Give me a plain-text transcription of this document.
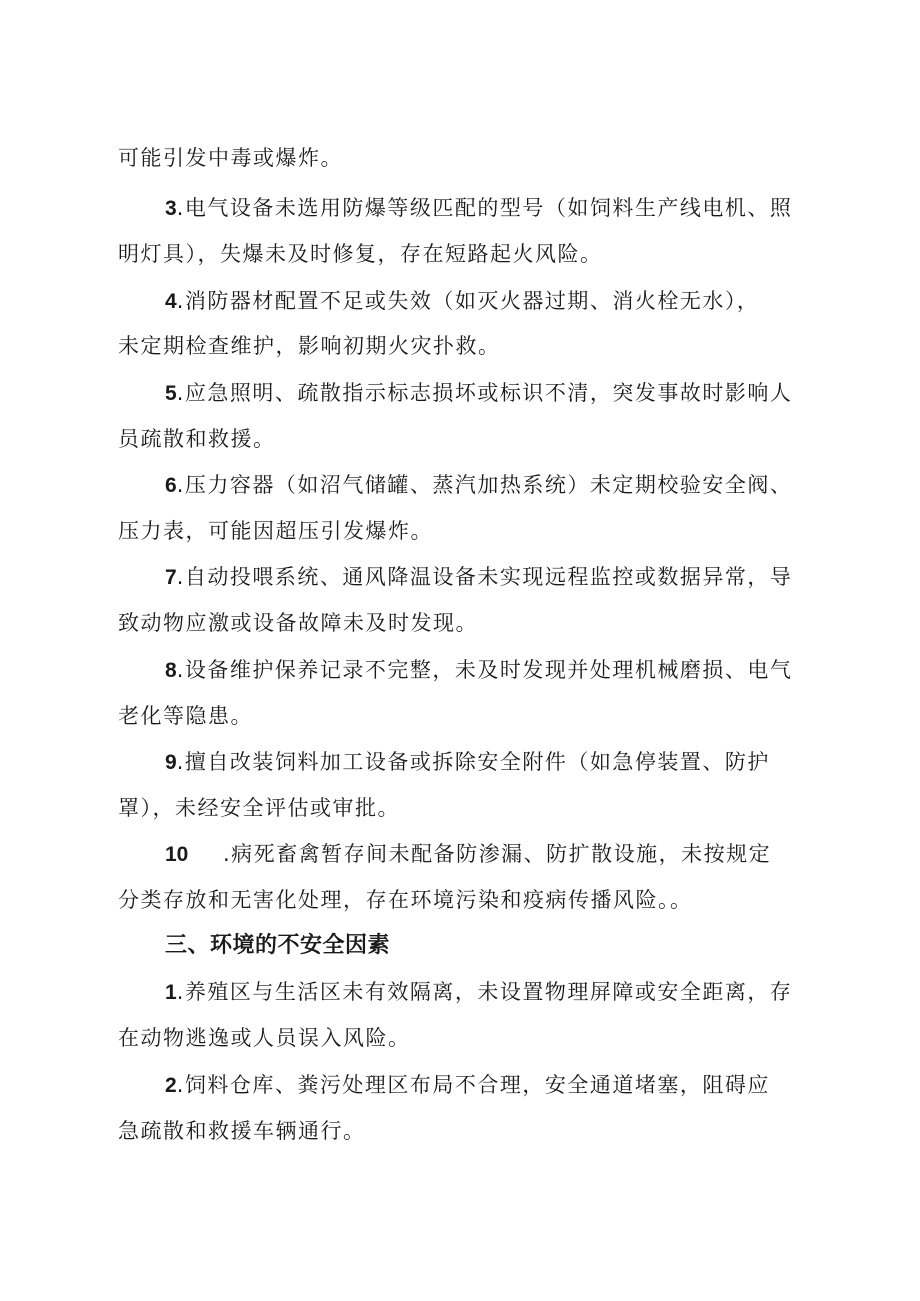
可能引发中毒或爆炸。
3.电气设备未选用防爆等级匹配的型号（如饲料生产线电机、照
明灯具），失爆未及时修复，存在短路起火风险。
4.消防器材配置不足或失效（如灭火器过期、消火栓无水），
未定期检查维护，影响初期火灾扑救。
5.应急照明、疏散指示标志损坏或标识不清，突发事故时影响人
员疏散和救援。
6.压力容器（如沼气储罐、蒸汽加热系统）未定期校验安全阀、
压力表，可能因超压引发爆炸。
7.自动投喂系统、通风降温设备未实现远程监控或数据异常，导
致动物应激或设备故障未及时发现。
8.设备维护保养记录不完整，未及时发现并处理机械磨损、电气
老化等隐患。
9.擅自改装饲料加工设备或拆除安全附件（如急停装置、防护
罩），未经安全评估或审批。
10 .病死畜禽暂存间未配备防渗漏、防扩散设施，未按规定
分类存放和无害化处理，存在环境污染和疫病传播风险。。
三、环境的不安全因素
1.养殖区与生活区未有效隔离，未设置物理屏障或安全距离，存
在动物逃逸或人员误入风险。
2.饲料仓库、粪污处理区布局不合理，安全通道堵塞，阻碍应
急疏散和救援车辆通行。
